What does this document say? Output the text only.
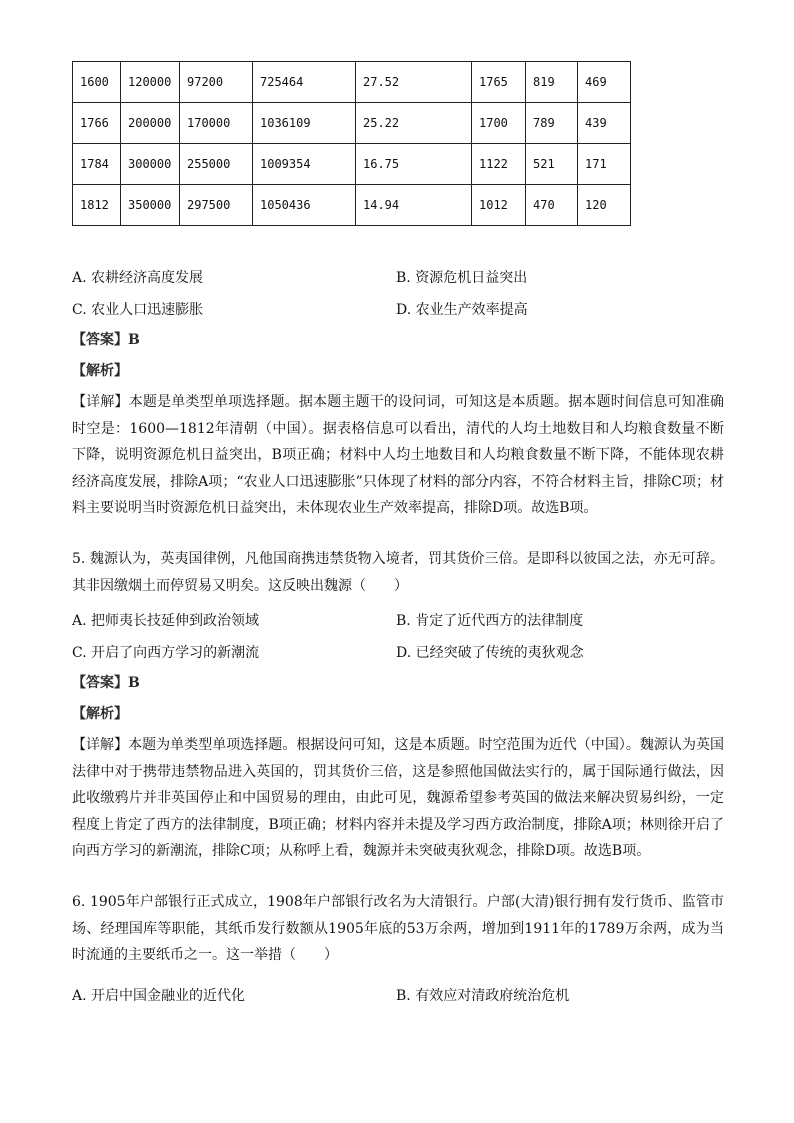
1600	120000	97200	725464	27.52	1765	819	469
1766	200000	170000	1036109	25.22	1700	789	439
1784	300000	255000	1009354	16.75	1122	521	171
1812	350000	297500	1050436	14.94	1012	470	120
A. 农耕经济高度发展	B. 资源危机日益突出
C. 农业人口迅速膨胀	D. 农业生产效率提高
【答案】B
【解析】
【详解】本题是单类型单项选择题。据本题主题干的设问词，可知这是本质题。据本题时间信息可知准确时空是：1600—1812年清朝（中国）。据表格信息可以看出，清代的人均土地数目和人均粮食数量不断下降，说明资源危机日益突出，B项正确；材料中人均土地数目和人均粮食数量不断下降，不能体现农耕经济高度发展，排除A项；“农业人口迅速膨胀”只体现了材料的部分内容，不符合材料主旨，排除C项；材料主要说明当时资源危机日益突出，未体现农业生产效率提高，排除D项。故选B项。
5. 魏源认为，英夷国律例，凡他国商携违禁货物入境者，罚其货价三倍。是即科以彼国之法，亦无可辞。其非因缴烟土而停贸易又明矣。这反映出魏源（　　）
A. 把师夷长技延伸到政治领域	B. 肯定了近代西方的法律制度
C. 开启了向西方学习的新潮流	D. 已经突破了传统的夷狄观念
【答案】B
【解析】
【详解】本题为单类型单项选择题。根据设问可知，这是本质题。时空范围为近代（中国）。魏源认为英国法律中对于携带违禁物品进入英国的，罚其货价三倍，这是参照他国做法实行的，属于国际通行做法，因此收缴鸦片并非英国停止和中国贸易的理由，由此可见，魏源希望参考英国的做法来解决贸易纠纷，一定程度上肯定了西方的法律制度，B项正确；材料内容并未提及学习西方政治制度，排除A项；林则徐开启了向西方学习的新潮流，排除C项；从称呼上看，魏源并未突破夷狄观念，排除D项。故选B项。
6. 1905年户部银行正式成立，1908年户部银行改名为大清银行。户部(大清)银行拥有发行货币、监管市场、经理国库等职能，其纸币发行数额从1905年底的53万余两，增加到1911年的1789万余两，成为当时流通的主要纸币之一。这一举措（　　）
A. 开启中国金融业的近代化	B. 有效应对清政府统治危机
